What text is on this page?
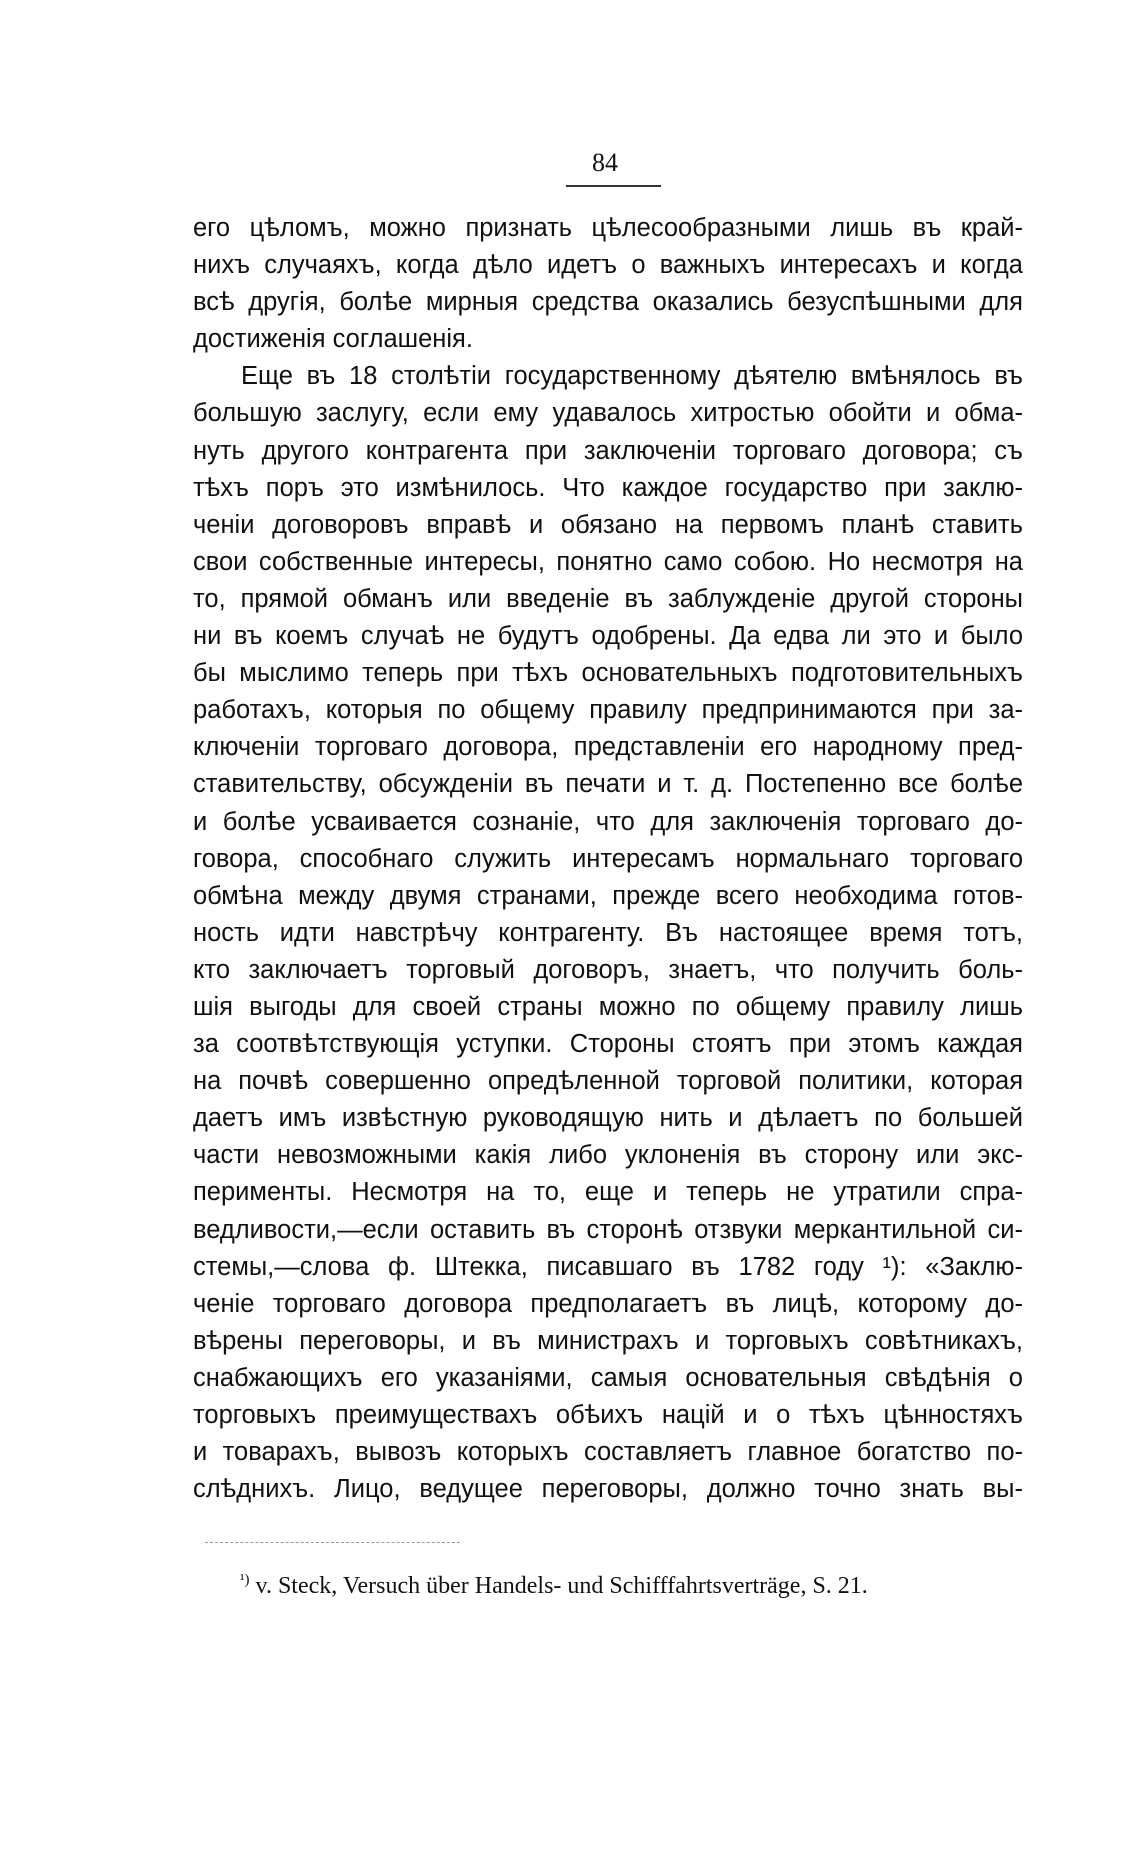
84
его цѣломъ, можно признать цѣлесообразными лишь въ край-
нихъ случаяхъ, когда дѣло идетъ о важныхъ интересахъ и когда
всѣ другія, болѣе мирныя средства оказались безуспѣшными для
достиженія соглашенія.
Еще въ 18 столѣтіи государственному дѣятелю вмѣнялось въ
большую заслугу, если ему удавалось хитростью обойти и обма-
нуть другого контрагента при заключеніи торговаго договора; съ
тѣхъ поръ это измѣнилось. Что каждое государство при заклю-
ченіи договоровъ вправѣ и обязано на первомъ планѣ ставить
свои собственные интересы, понятно само собою. Но несмотря на
то, прямой обманъ или введеніе въ заблужденіе другой стороны
ни въ коемъ случаѣ не будутъ одобрены. Да едва ли это и было
бы мыслимо теперь при тѣхъ основательныхъ подготовительныхъ
работахъ, которыя по общему правилу предпринимаются при за-
ключеніи торговаго договора, представленіи его народному пред-
ставительству, обсужденіи въ печати и т. д. Постепенно все болѣе
и болѣе усваивается сознаніе, что для заключенія торговаго до-
говора, способнаго служить интересамъ нормальнаго торговаго
обмѣна между двумя странами, прежде всего необходима готов-
ность идти навстрѣчу контрагенту. Въ настоящее время тотъ,
кто заключаетъ торговый договоръ, знаетъ, что получить боль-
шія выгоды для своей страны можно по общему правилу лишь
за соотвѣтствующія уступки. Стороны стоятъ при этомъ каждая
на почвѣ совершенно опредѣленной торговой политики, которая
даетъ имъ извѣстную руководящую нить и дѣлаетъ по большей
части невозможными какія либо уклоненія въ сторону или экс-
перименты. Несмотря на то, еще и теперь не утратили спра-
ведливости,—если оставить въ сторонѣ отзвуки меркантильной си-
стемы,—слова ф. Штекка, писавшаго въ 1782 году ¹): «Заклю-
ченіе торговаго договора предполагаетъ въ лицѣ, которому до-
вѣрены переговоры, и въ министрахъ и торговыхъ совѣтникахъ,
снабжающихъ его указаніями, самыя основательныя свѣдѣнія о
торговыхъ преимуществахъ обѣихъ націй и о тѣхъ цѣнностяхъ
и товарахъ, вывозъ которыхъ составляетъ главное богатство по-
слѣднихъ. Лицо, ведущее переговоры, должно точно знать вы-
$^{^1)}$ v. Steck, Versuch über Handels- und Schifffahrtsverträge, S. 21.
